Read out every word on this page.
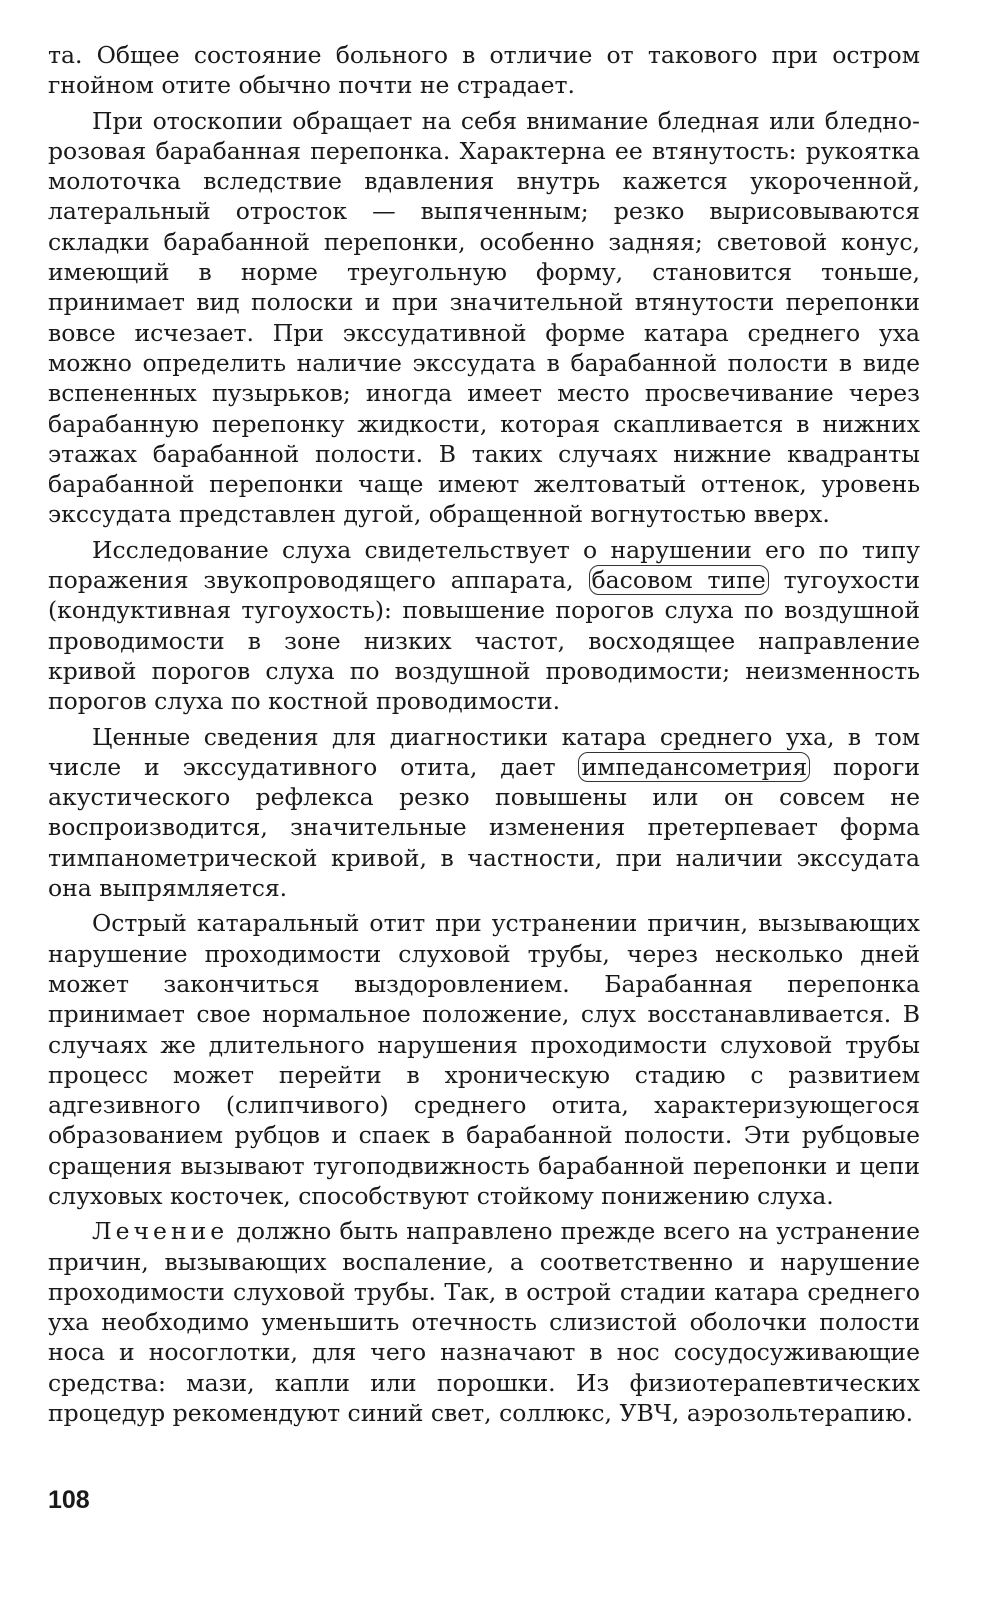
та. Общее состояние больного в отличие от такового при остром гнойном отите обычно почти не страдает.

При отоскопии обращает на себя внимание бледная или бледно-розовая барабанная перепонка. Характерна ее втянутость: рукоятка молоточка вследствие вдавления внутрь кажется укороченной, латеральный отросток — выпяченным; резко вырисовываются складки барабанной перепонки, особенно задняя; световой конус, имеющий в норме треугольную форму, становится тоньше, принимает вид полоски и при значительной втянутости перепонки вовсе исчезает. При экссудативной форме катара среднего уха можно определить наличие экссудата в барабанной полости в виде вспененных пузырьков; иногда имеет место просвечивание через барабанную перепонку жидкости, которая скапливается в нижних этажах барабанной полости. В таких случаях нижние квадранты барабанной перепонки чаще имеют желтоватый оттенок, уровень экссудата представлен дугой, обращенной вогнутостью вверх.

Исследование слуха свидетельствует о нарушении его по типу поражения звукопроводящего аппарата, басовом типе тугоухости (кондуктивная тугоухость): повышение порогов слуха по воздушной проводимости в зоне низких частот, восходящее направление кривой порогов слуха по воздушной проводимости; неизменность порогов слуха по костной проводимости.

Ценные сведения для диагностики катара среднего уха, в том числе и экссудативного отита, дает импедансометрия пороги акустического рефлекса резко повышены или он совсем не воспроизводится, значительные изменения претерпевает форма тимпанометрической кривой, в частности, при наличии экссудата она выпрямляется.

Острый катаральный отит при устранении причин, вызывающих нарушение проходимости слуховой трубы, через несколько дней может закончиться выздоровлением. Барабанная перепонка принимает свое нормальное положение, слух восстанавливается. В случаях же длительного нарушения проходимости слуховой трубы процесс может перейти в хроническую стадию с развитием адгезивного (слипчивого) среднего отита, характеризующегося образованием рубцов и спаек в барабанной полости. Эти рубцовые сращения вызывают тугоподвижность барабанной перепонки и цепи слуховых косточек, способствуют стойкому понижению слуха.

Лечение должно быть направлено прежде всего на устранение причин, вызывающих воспаление, а соответственно и нарушение проходимости слуховой трубы. Так, в острой стадии катара среднего уха необходимо уменьшить отечность слизистой оболочки полости носа и носоглотки, для чего назначают в нос сосудосуживающие средства: мази, капли или порошки. Из физиотерапевтических процедур рекомендуют синий свет, соллюкс, УВЧ, аэрозольтерапию.

108
